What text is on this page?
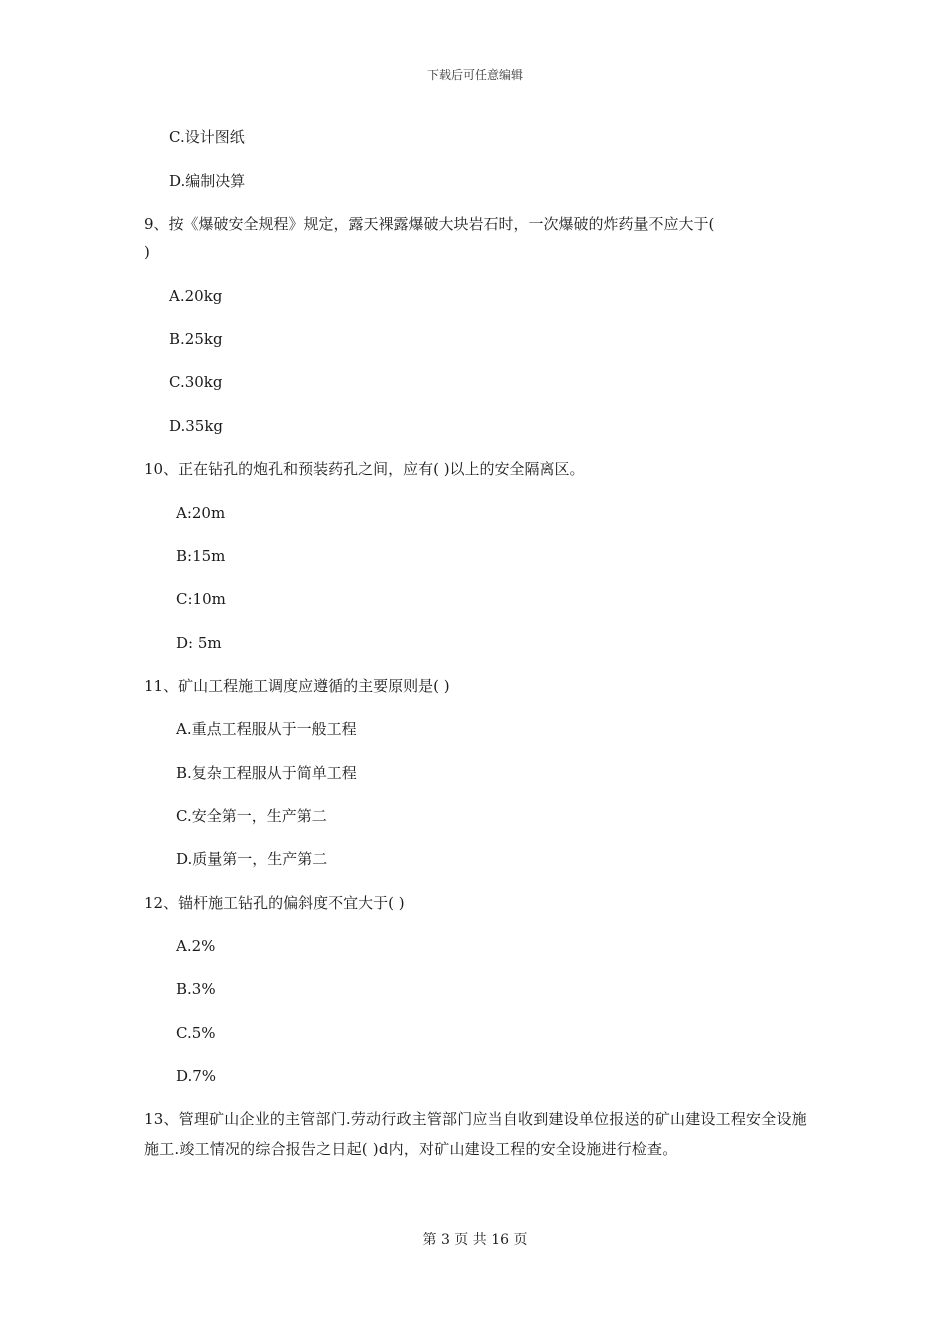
下载后可任意编辑
C.设计图纸
D.编制决算
9、按《爆破安全规程》规定，露天裸露爆破大块岩石时，一次爆破的炸药量不应大于(
)
A.20kg
B.25kg
C.30kg
D.35kg
10、正在钻孔的炮孔和预装药孔之间，应有( )以上的安全隔离区。
A:20m
B:15m
C:10m
D: 5m
11、矿山工程施工调度应遵循的主要原则是( )
A.重点工程服从于一般工程
B.复杂工程服从于简单工程
C.安全第一，生产第二
D.质量第一，生产第二
12、锚杆施工钻孔的偏斜度不宜大于( )
A.2%
B.3%
C.5%
D.7%
13、管理矿山企业的主管部门.劳动行政主管部门应当自收到建设单位报送的矿山建设工程安全设施施工.竣工情况的综合报告之日起( )d内，对矿山建设工程的安全设施进行检查。
第 3 页 共 16 页
